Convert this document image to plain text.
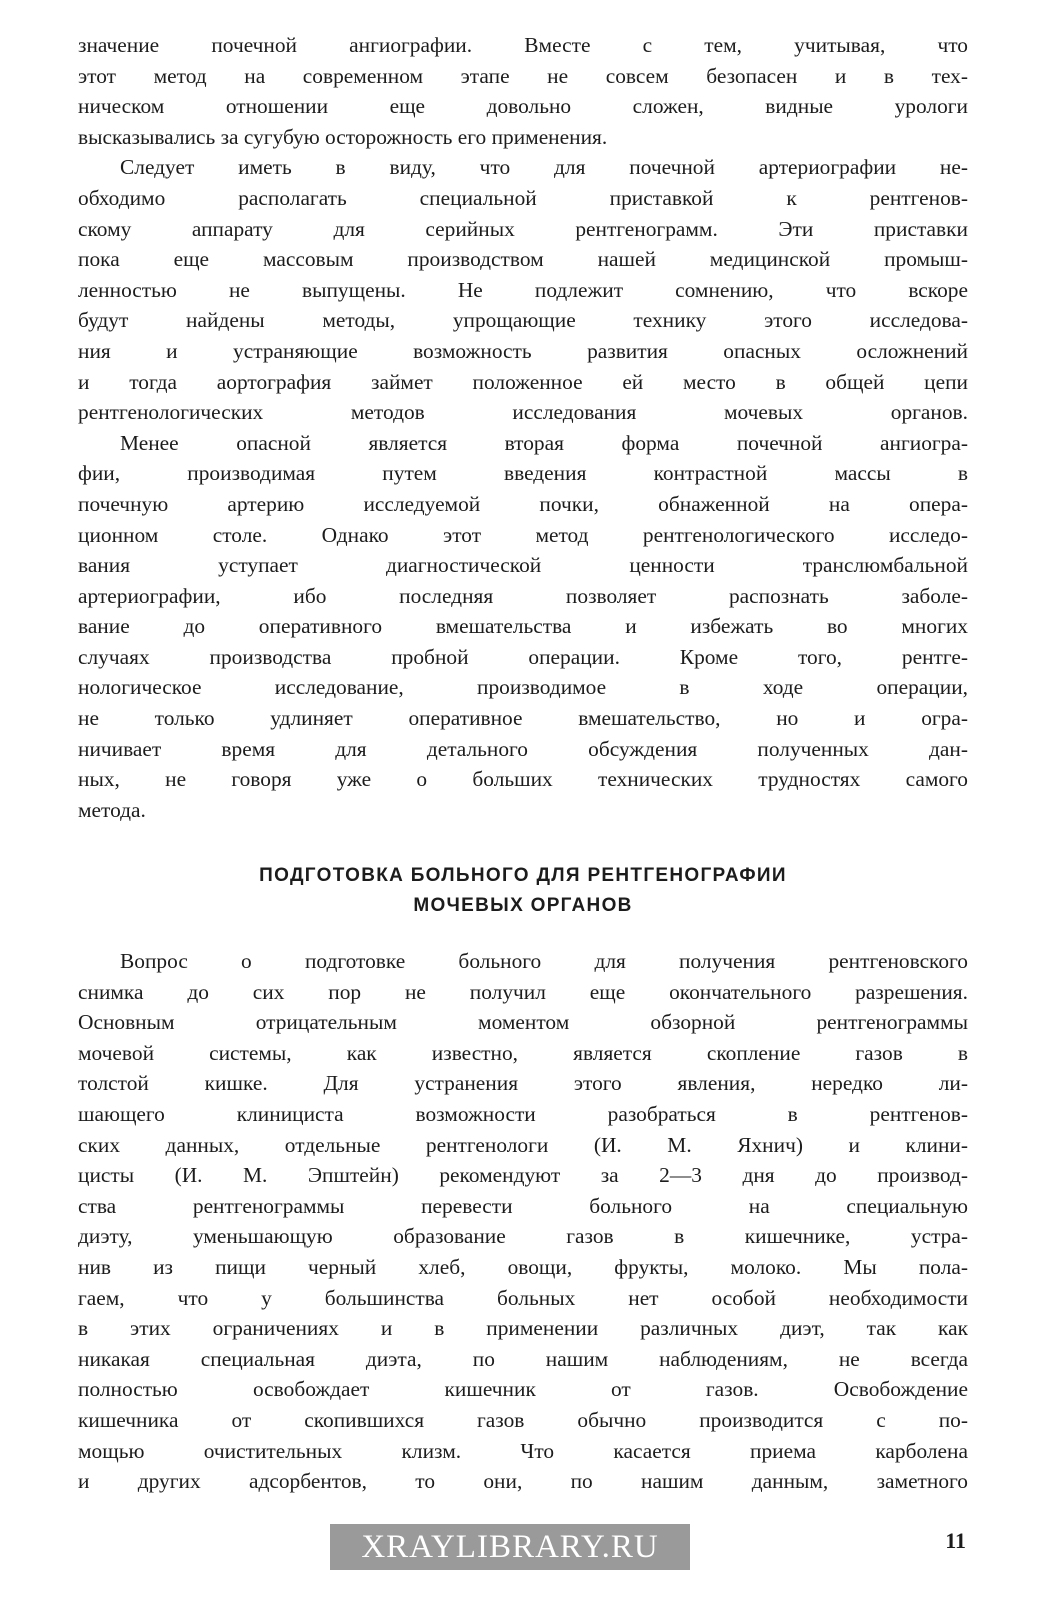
значение почечной ангиографии. Вместе с тем, учитывая, что
этот метод на современном этапе не совсем безопасен и в тех-
ническом отношении еще довольно сложен, видные урологи
высказывались за сугубую осторожность его применения.
Следует иметь в виду, что для почечной артериографии не-
обходимо располагать специальной приставкой к рентгенов-
скому аппарату для серийных рентгенограмм. Эти приставки
пока еще массовым производством нашей медицинской промыш-
ленностью не выпущены. Не подлежит сомнению, что вскоре
будут найдены методы, упрощающие технику этого исследова-
ния и устраняющие возможность развития опасных осложнений
и тогда аортография займет положенное ей место в общей цепи
рентгенологических методов исследования мочевых органов.
Менее опасной является вторая форма почечной ангиогра-
фии, производимая путем введения контрастной массы в
почечную артерию исследуемой почки, обнаженной на опера-
ционном столе. Однако этот метод рентгенологического исследо-
вания уступает диагностической ценности транслюмбальной
артериографии, ибо последняя позволяет распознать заболе-
вание до оперативного вмешательства и избежать во многих
случаях производства пробной операции. Кроме того, рентге-
нологическое исследование, производимое в ходе операции,
не только удлиняет оперативное вмешательство, но и огра-
ничивает время для детального обсуждения полученных дан-
ных, не говоря уже о больших технических трудностях самого
метода.
ПОДГОТОВКА БОЛЬНОГО ДЛЯ РЕНТГЕНОГРАФИИ
МОЧЕВЫХ ОРГАНОВ
Вопрос о подготовке больного для получения рентгеновского
снимка до сих пор не получил еще окончательного разрешения.
Основным отрицательным моментом обзорной рентгенограммы
мочевой системы, как известно, является скопление газов в
толстой кишке. Для устранения этого явления, нередко ли-
шающего клинициста возможности разобраться в рентгенов-
ских данных, отдельные рентгенологи (И. М. Яхнич) и клини-
цисты (И. М. Эпштейн) рекомендуют за 2—3 дня до производ-
ства рентгенограммы перевести больного на специальную
диэту, уменьшающую образование газов в кишечнике, устра-
нив из пищи черный хлеб, овощи, фрукты, молоко. Мы пола-
гаем, что у большинства больных нет особой необходимости
в этих ограничениях и в применении различных диэт, так как
никакая специальная диэта, по нашим наблюдениям, не всегда
полностью освобождает кишечник от газов. Освобождение
кишечника от скопившихся газов обычно производится с по-
мощью очистительных клизм. Что касается приема карболена
и других адсорбентов, то они, по нашим данным, заметного
XRAYLIBRARY.RU	11
